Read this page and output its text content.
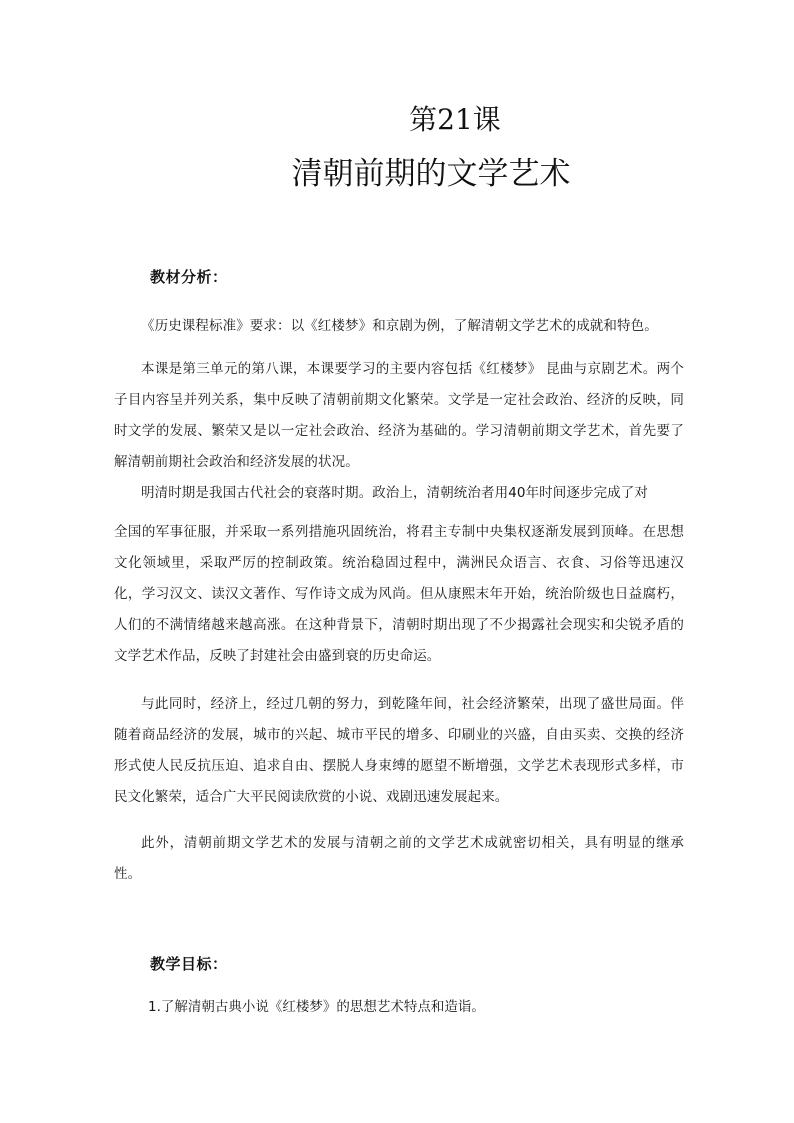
第21课
清朝前期的文学艺术
教材分析：

《历史课程标准》要求：以《红楼梦》和京剧为例，了解清朝文学艺术的成就和特色。

本课是第三单元的第八课，本课要学习的主要内容包括《红楼梦》 昆曲与京剧艺术。两个子目内容呈并列关系，集中反映了清朝前期文化繁荣。文学是一定社会政治、经济的反映，同时文学的发展、繁荣又是以一定社会政治、经济为基础的。学习清朝前期文学艺术，首先要了解清朝前期社会政治和经济发展的状况。

明清时期是我国古代社会的衰落时期。政治上，清朝统治者用40年时间逐步完成了对

全国的军事征服，并采取一系列措施巩固统治，将君主专制中央集权逐渐发展到顶峰。在思想文化领域里，采取严厉的控制政策。统治稳固过程中，满洲民众语言、衣食、习俗等迅速汉化，学习汉文、读汉文著作、写作诗文成为风尚。但从康熙末年开始，统治阶级也日益腐朽，人们的不满情绪越来越高涨。在这种背景下，清朝时期出现了不少揭露社会现实和尖锐矛盾的文学艺术作品，反映了封建社会由盛到衰的历史命运。

与此同时，经济上，经过几朝的努力，到乾隆年间，社会经济繁荣，出现了盛世局面。伴随着商品经济的发展，城市的兴起、城市平民的增多、印刷业的兴盛，自由买卖、交换的经济形式使人民反抗压迫、追求自由、摆脱人身束缚的愿望不断增强，文学艺术表现形式多样，市民文化繁荣，适合广大平民阅读欣赏的小说、戏剧迅速发展起来。

此外，清朝前期文学艺术的发展与清朝之前的文学艺术成就密切相关，具有明显的继承性。

教学目标：
1.了解清朝古典小说《红楼梦》的思想艺术特点和造诣。
